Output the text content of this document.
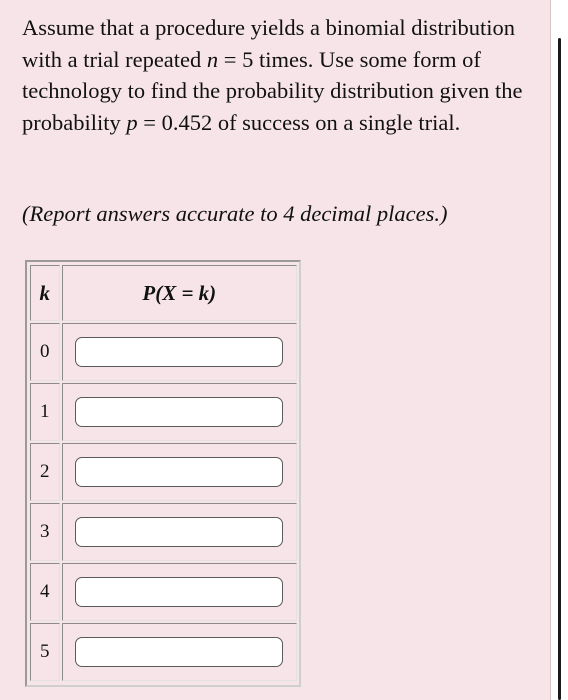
Assume that a procedure yields a binomial distribution with a trial repeated n = 5 times. Use some form of technology to find the probability distribution given the probability p = 0.452 of success on a single trial.

(Report answers accurate to 4 decimal places.)

k	P(X = k)
0	

1	

2	

3	

4	

5	
